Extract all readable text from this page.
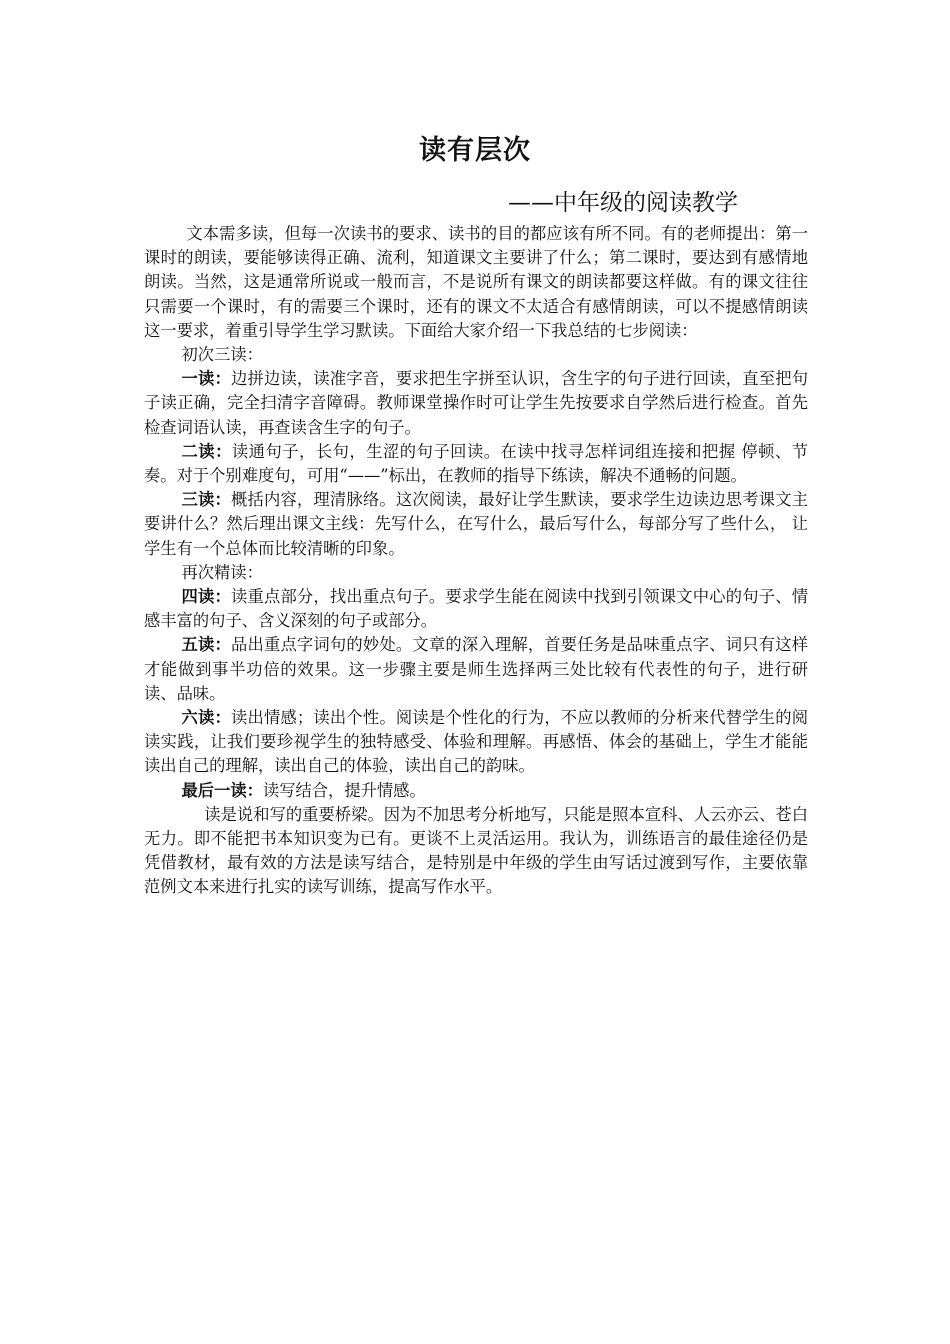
读有层次
——中年级的阅读教学

文本需多读，但每一次读书的要求、读书的目的都应该有所不同。有的老师提出：第一课时的朗读，要能够读得正确、流利，知道课文主要讲了什么；第二课时，要达到有感情地朗读。当然，这是通常所说或一般而言，不是说所有课文的朗读都要这样做。有的课文往往只需要一个课时，有的需要三个课时，还有的课文不太适合有感情朗读，可以不提感情朗读这一要求，着重引导学生学习默读。下面给大家介绍一下我总结的七步阅读：

初次三读：

一读：边拼边读，读准字音，要求把生字拼至认识，含生字的句子进行回读，直至把句子读正确，完全扫清字音障碍。教师课堂操作时可让学生先按要求自学然后进行检查。首先检查词语认读，再查读含生字的句子。

二读：读通句子，长句，生涩的句子回读。在读中找寻怎样词组连接和把握 停顿、节奏。对于个别难度句，可用“——”标出，在教师的指导下练读，解决不通畅的问题。

三读：概括内容，理清脉络。这次阅读，最好让学生默读，要求学生边读边思考课文主要讲什么？然后理出课文主线：先写什么，在写什么，最后写什么，每部分写了些什么， 让学生有一个总体而比较清晰的印象。

再次精读：

四读：读重点部分，找出重点句子。要求学生能在阅读中找到引领课文中心的句子、情感丰富的句子、含义深刻的句子或部分。

五读：品出重点字词句的妙处。文章的深入理解，首要任务是品味重点字、词只有这样才能做到事半功倍的效果。这一步骤主要是师生选择两三处比较有代表性的句子，进行研读、品味。

六读：读出情感；读出个性。阅读是个性化的行为，不应以教师的分析来代替学生的阅读实践，让我们要珍视学生的独特感受、体验和理解。再感悟、体会的基础上，学生才能能读出自己的理解，读出自己的体验，读出自己的韵味。

最后一读：读写结合，提升情感。

读是说和写的重要桥梁。因为不加思考分析地写，只能是照本宣科、人云亦云、苍白无力。即不能把书本知识变为已有。更谈不上灵活运用。我认为，训练语言的最佳途径仍是凭借教材，最有效的方法是读写结合，是特别是中年级的学生由写话过渡到写作，主要依靠范例文本来进行扎实的读写训练，提高写作水平。
